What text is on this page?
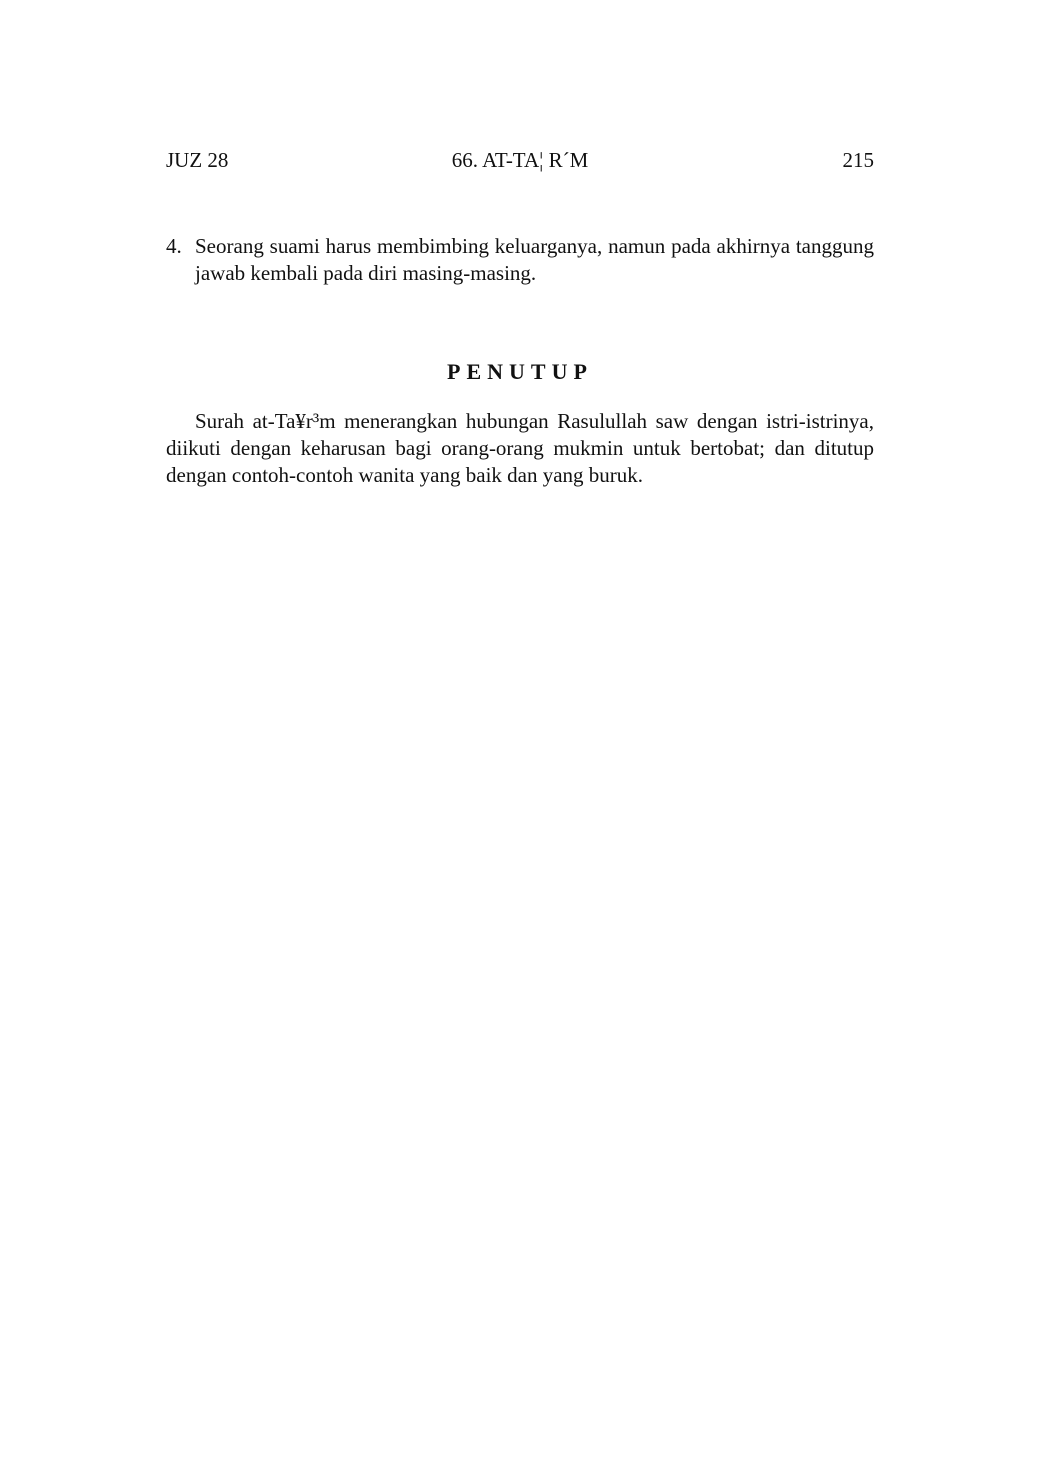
JUZ 28	66. AT-TA¦ R´M	215
4. Seorang suami harus membimbing keluarganya, namun pada akhirnya tanggung jawab kembali pada diri masing-masing.
PENUTUP
Surah at-Ta¥r³m menerangkan hubungan Rasulullah saw dengan istri-istrinya, diikuti dengan keharusan bagi orang-orang mukmin untuk bertobat; dan ditutup dengan contoh-contoh wanita yang baik dan yang buruk.
